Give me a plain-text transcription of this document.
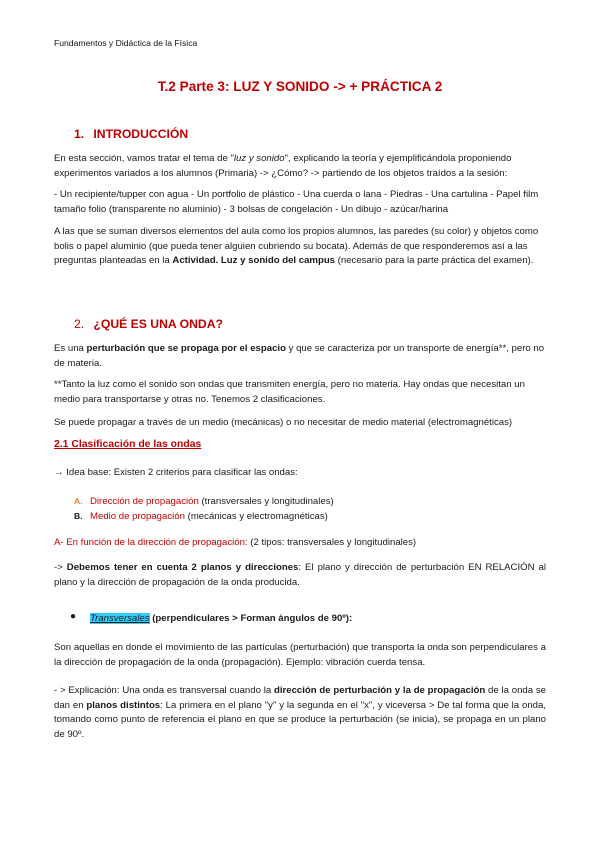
Fundamentos y Didáctica de la Física
T.2 Parte 3: LUZ Y SONIDO -> + PRÁCTICA 2
1. INTRODUCCIÓN
En esta sección, vamos tratar el tema de "luz y sonido", explicando la teoría y ejemplificándola proponiendo experimentos variados a los alumnos (Primaria) -> ¿Cómo? -> partiendo de los objetos traídos a la sesión:
- Un recipiente/tupper con agua - Un portfolio de plástico - Una cuerda o lana - Piedras - Una cartulina - Papel film tamaño folio (transparente no aluminio) - 3 bolsas de congelación - Un dibujo - azúcar/harina
A las que se suman diversos elementos del aula como los propios alumnos, las paredes (su color) y objetos como bolis o papel aluminio (que pueda tener alguien cubriendo su bocata). Además de que responderemos así a las preguntas planteadas en la Actividad. Luz y sonido del campus (necesario para la parte práctica del examen).
2. ¿QUÉ ES UNA ONDA?
Es una perturbación que se propaga por el espacio y que se caracteriza por un transporte de energía**, pero no de materia.
**Tanto la luz como el sonido son ondas que transmiten energía, pero no materia. Hay ondas que necesitan un medio para transportarse y otras no. Tenemos 2 clasificaciones.
Se puede propagar a través de un medio (mecánicas) o no necesitar de medio material (electromagnéticas)
2.1 Clasificación de las ondas
→ Idea base: Existen 2 criterios para clasificar las ondas:
A. Dirección de propagación (transversales y longitudinales)
B. Medio de propagación (mecánicas y electromagnéticas)
A- En función de la dirección de propagación: (2 tipos: transversales y longitudinales)
-> Debemos tener en cuenta 2 planos y direcciones: El plano y dirección de perturbación EN RELACIÓN al plano y la dirección de propagación de la onda producida.
● Transversales (perpendiculares > Forman ángulos de 90º):
Son aquellas en donde el movimiento de las partículas (perturbación) que transporta la onda son perpendiculares a la dirección de propagación de la onda (propagación). Ejemplo: vibración cuerda tensa.
- > Explicación: Una onda es transversal cuando la dirección de perturbación y la de propagación de la onda se dan en planos distintos: La primera en el plano "y" y la segunda en el "x", y viceversa > De tal forma que la onda, tomando como punto de referencia el plano en que se produce la perturbación (se inicia), se propaga en un plano de 90º.
